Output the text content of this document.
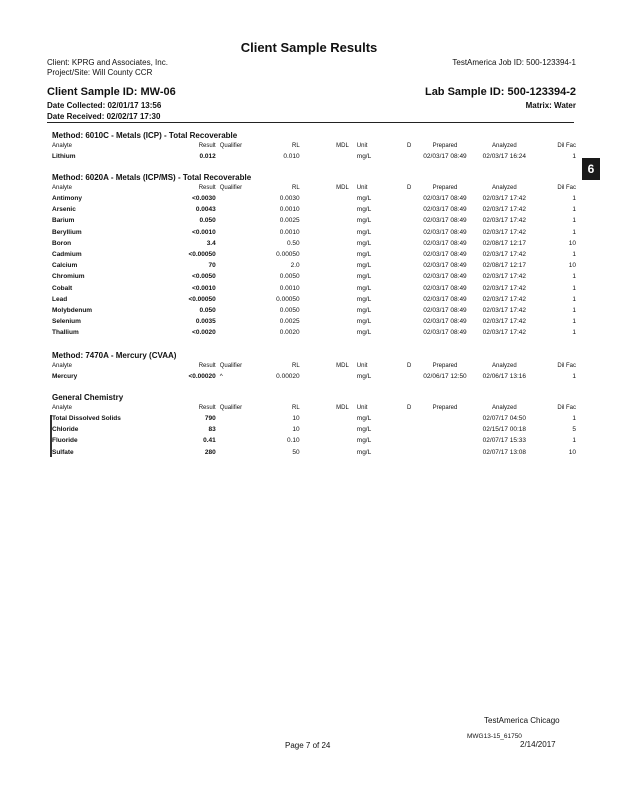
Client Sample Results
Client: KPRG and Associates, Inc.
Project/Site: Will County CCR
TestAmerica Job ID: 500-123394-1
Client Sample ID: MW-06	Lab Sample ID: 500-123394-2
Date Collected: 02/01/17 13:56	Matrix: Water
Date Received: 02/02/17 17:30
6
Method: 6010C - Metals (ICP) - Total Recoverable
Analyte	Result	Qualifier	RL	MDL	Unit	D	Prepared	Analyzed	Dil Fac
Lithium	0.012		0.010		mg/L		02/03/17 08:49	02/03/17 16:24	1
Method: 6020A - Metals (ICP/MS) - Total Recoverable
Analyte	Result	Qualifier	RL	MDL	Unit	D	Prepared	Analyzed	Dil Fac
Antimony	<0.0030		0.0030		mg/L		02/03/17 08:49	02/03/17 17:42	1
Arsenic	0.0043		0.0010		mg/L		02/03/17 08:49	02/03/17 17:42	1
Barium	0.050		0.0025		mg/L		02/03/17 08:49	02/03/17 17:42	1
Beryllium	<0.0010		0.0010		mg/L		02/03/17 08:49	02/03/17 17:42	1
Boron	3.4		0.50		mg/L		02/03/17 08:49	02/08/17 12:17	10
Cadmium	<0.00050		0.00050		mg/L		02/03/17 08:49	02/03/17 17:42	1
Calcium	70		2.0		mg/L		02/03/17 08:49	02/08/17 12:17	10
Chromium	<0.0050		0.0050		mg/L		02/03/17 08:49	02/03/17 17:42	1
Cobalt	<0.0010		0.0010		mg/L		02/03/17 08:49	02/03/17 17:42	1
Lead	<0.00050		0.00050		mg/L		02/03/17 08:49	02/03/17 17:42	1
Molybdenum	0.050		0.0050		mg/L		02/03/17 08:49	02/03/17 17:42	1
Selenium	0.0035		0.0025		mg/L		02/03/17 08:49	02/03/17 17:42	1
Thallium	<0.0020		0.0020		mg/L		02/03/17 08:49	02/03/17 17:42	1
Method: 7470A - Mercury (CVAA)
Analyte	Result	Qualifier	RL	MDL	Unit	D	Prepared	Analyzed	Dil Fac
Mercury	<0.00020	^	0.00020		mg/L		02/06/17 12:50	02/06/17 13:16	1
General Chemistry
Analyte	Result	Qualifier	RL	MDL	Unit	D	Prepared	Analyzed	Dil Fac
Total Dissolved Solids	790		10		mg/L			02/07/17 04:50	1
Chloride	83		10		mg/L			02/15/17 00:18	5
Fluoride	0.41		0.10		mg/L			02/07/17 15:33	1
Sulfate	280		50		mg/L			02/07/17 13:08	10
TestAmerica Chicago
MWG13-15_61750
Page 7 of 24	2/14/2017
